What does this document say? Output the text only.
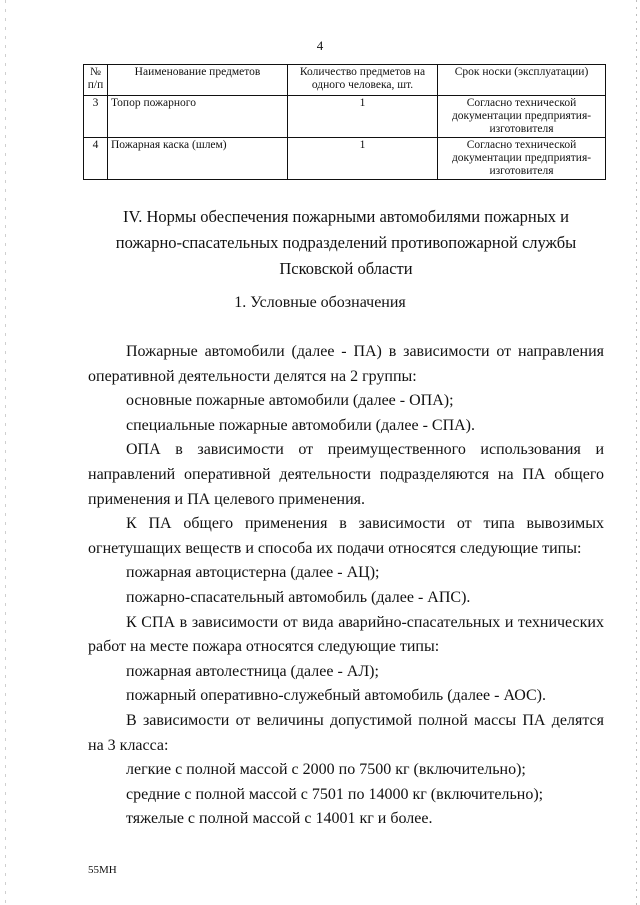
4
№ п/п	Наименование предметов	Количество предметов на одного человека, шт.	Срок носки (эксплуатации)
3	Топор пожарного	1	Согласно технической документации предприятия-изготовителя
4	Пожарная каска (шлем)	1	Согласно технической документации предприятия-изготовителя
IV. Нормы обеспечения пожарными автомобилями пожарных и пожарно-спасательных подразделений противопожарной службы Псковской области
1. Условные обозначения

Пожарные автомобили (далее - ПА) в зависимости от направления оперативной деятельности делятся на 2 группы:

основные пожарные автомобили (далее - ОПА);

специальные пожарные автомобили (далее - СПА).

ОПА в зависимости от преимущественного использования и направлений оперативной деятельности подразделяются на ПА общего применения и ПА целевого применения.

К ПА общего применения в зависимости от типа вывозимых огнетушащих веществ и способа их подачи относятся следующие типы:

пожарная автоцистерна (далее - АЦ);

пожарно-спасательный автомобиль (далее - АПС).

К СПА в зависимости от вида аварийно-спасательных и технических работ на месте пожара относятся следующие типы:

пожарная автолестница (далее - АЛ);

пожарный оперативно-служебный автомобиль (далее - АОС).

В зависимости от величины допустимой полной массы ПА делятся на 3 класса:

легкие с полной массой с 2000 по 7500 кг (включительно);

средние с полной массой с 7501 по 14000 кг (включительно);

тяжелые с полной массой с 14001 кг и более.

55МН
